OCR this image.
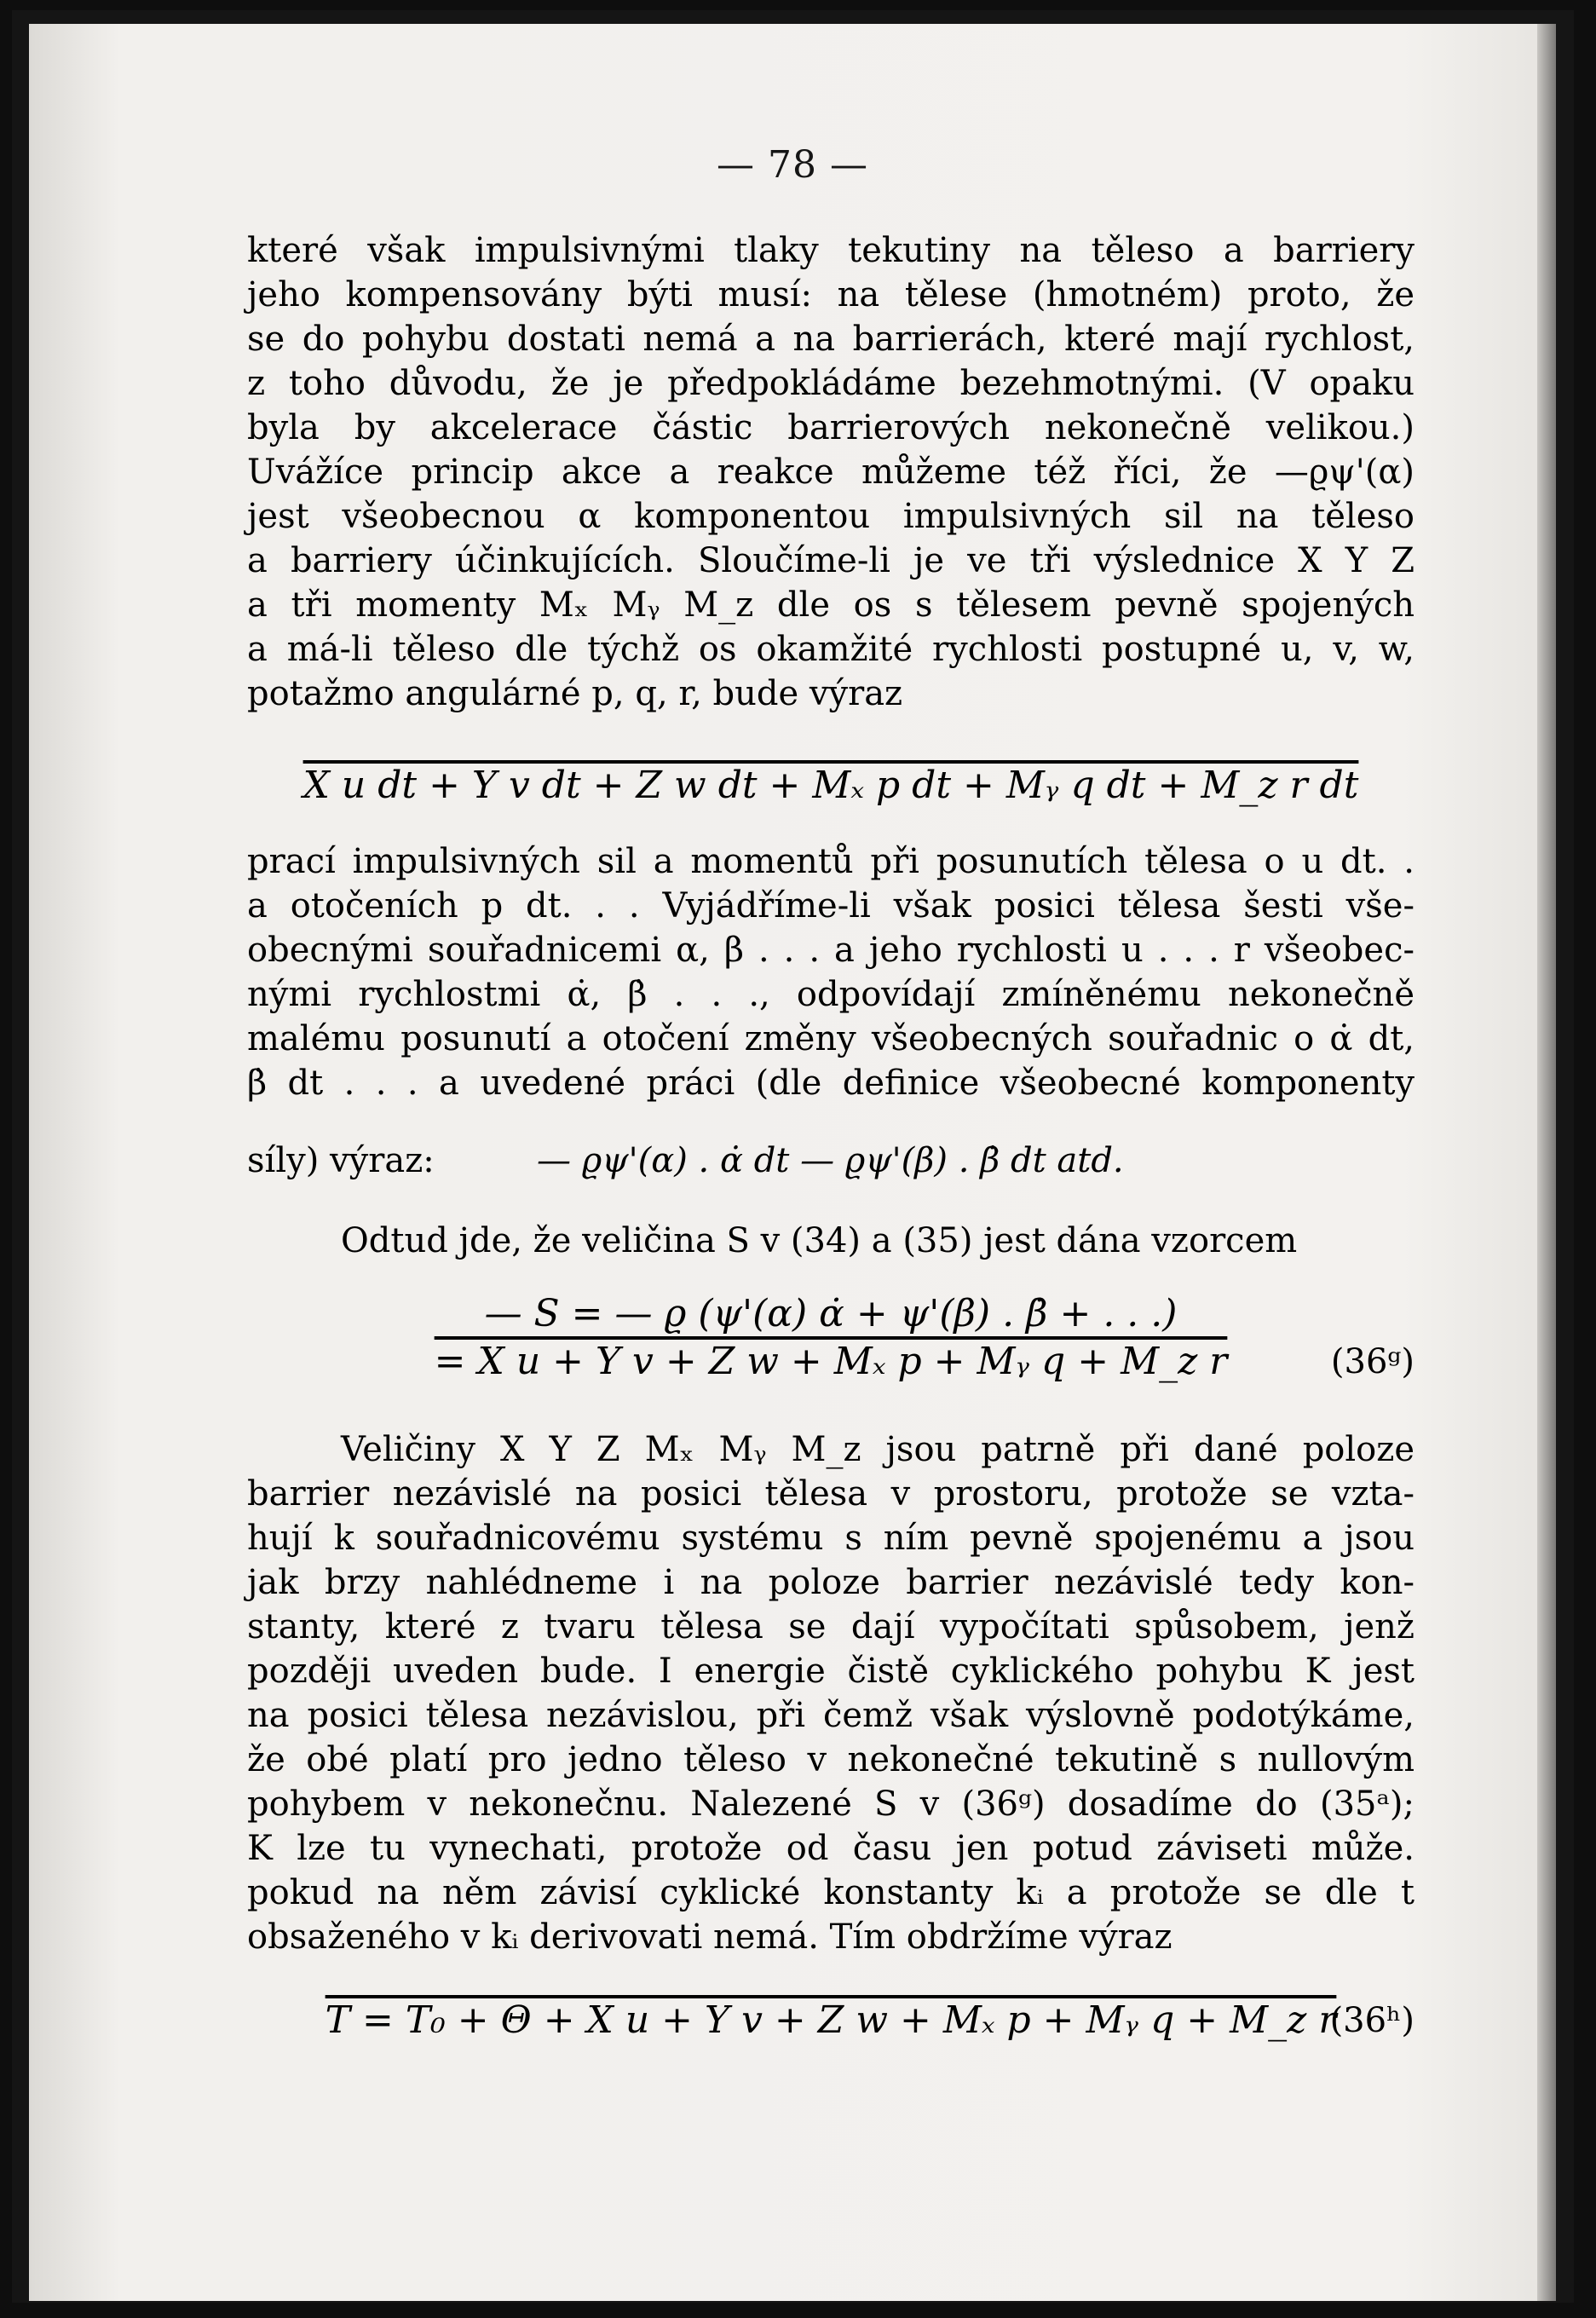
— 78 —

které však impulsivnými tlaky tekutiny na těleso a barriery

jeho kompensovány býti musí: na tělese (hmotném) proto, že

se do pohybu dostati nemá a na barrierách, které mají rychlost,

z toho důvodu, že je předpokládáme bezehmotnými. (V opaku

byla by akcelerace částic barrierových nekonečně velikou.)

Uvážíce princip akce a reakce můžeme též říci, že —ϱψ'(α)

jest všeobecnou α komponentou impulsivných sil na těleso

a barriery účinkujících. Sloučíme-li je ve tři výslednice X Y Z

a tři momenty Mₓ Mᵧ M_z dle os s tělesem pevně spojených

a má-li těleso dle týchž os okamžité rychlosti postupné u, v, w,

potažmo angulárné p, q, r, bude výraz

X u dt + Y v dt + Z w dt + Mₓ p dt + Mᵧ q dt + M_z r dt

prací impulsivných sil a momentů při posunutích tělesa o u dt. .

a otočeních p dt. . . Vyjádříme-li však posici tělesa šesti vše-

obecnými souřadnicemi α, β . . . a jeho rychlosti u . . . r všeobec-

nými rychlostmi α̇, β̇ . . ., odpovídají zmíněnému nekonečně

malému posunutí a otočení změny všeobecných souřadnic o α̇ dt,

β̇ dt . . . a uvedené práci (dle definice všeobecné komponenty

síly) výraz:	— ϱψ'(α) . α̇ dt — ϱψ'(β) . β̇ dt atd.

Odtud jde, že veličina S v (34) a (35) jest dána vzorcem

— S = — ϱ (ψ'(α) α̇ + ψ'(β) . β̇ + . . .)
= X u + Y v + Z w + Mₓ p + Mᵧ q + M_z r	(36ᵍ)

Veličiny X Y Z Mₓ Mᵧ M_z jsou patrně při dané poloze

barrier nezávislé na posici tělesa v prostoru, protože se vzta-

hují k souřadnicovému systému s ním pevně spojenému a jsou

jak brzy nahlédneme i na poloze barrier nezávislé tedy kon-

stanty, které z tvaru tělesa se dají vypočítati spůsobem, jenž

později uveden bude. I energie čistě cyklického pohybu K jest

na posici tělesa nezávislou, při čemž však výslovně podotýkáme,

že obé platí pro jedno těleso v nekonečné tekutině s nullovým

pohybem v nekonečnu. Nalezené S v (36ᵍ) dosadíme do (35ᵃ);

K lze tu vynechati, protože od času jen potud záviseti může.

pokud na něm závisí cyklické konstanty kᵢ a protože se dle t

obsaženého v kᵢ derivovati nemá. Tím obdržíme výraz

T = T₀ + Θ + X u + Y v + Z w + Mₓ p + Mᵧ q + M_z r
(36ʰ)
